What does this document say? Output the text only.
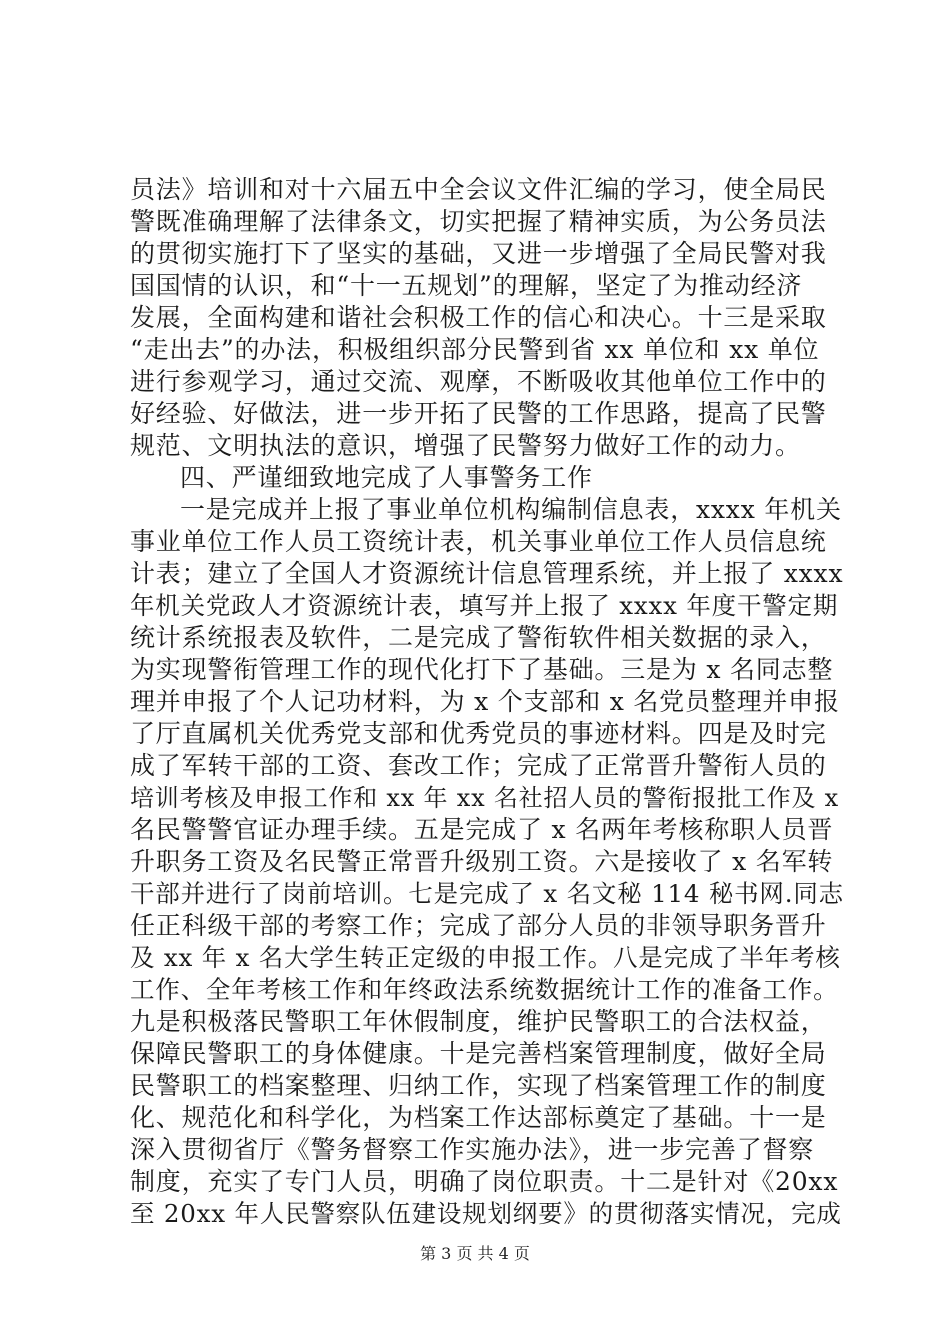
员法》培训和对十六届五中全会议文件汇编的学习，使全局民
警既准确理解了法律条文，切实把握了精神实质，为公务员法
的贯彻实施打下了坚实的基础，又进一步增强了全局民警对我
国国情的认识，和“十一五规划”的理解，坚定了为推动经济
发展，全面构建和谐社会积极工作的信心和决心。十三是采取
“走出去”的办法，积极组织部分民警到省 xx 单位和 xx 单位
进行参观学习，通过交流、观摩，不断吸收其他单位工作中的
好经验、好做法，进一步开拓了民警的工作思路，提高了民警
规范、文明执法的意识，增强了民警努力做好工作的动力。
四、严谨细致地完成了人事警务工作
一是完成并上报了事业单位机构编制信息表，xxxx 年机关
事业单位工作人员工资统计表，机关事业单位工作人员信息统
计表；建立了全国人才资源统计信息管理系统，并上报了 xxxx
年机关党政人才资源统计表，填写并上报了 xxxx 年度干警定期
统计系统报表及软件，二是完成了警衔软件相关数据的录入，
为实现警衔管理工作的现代化打下了基础。三是为 x 名同志整
理并申报了个人记功材料，为 x 个支部和 x 名党员整理并申报
了厅直属机关优秀党支部和优秀党员的事迹材料。四是及时完
成了军转干部的工资、套改工作；完成了正常晋升警衔人员的
培训考核及申报工作和 xx 年 xx 名社招人员的警衔报批工作及 x
名民警警官证办理手续。五是完成了 x 名两年考核称职人员晋
升职务工资及名民警正常晋升级别工资。六是接收了 x 名军转
干部并进行了岗前培训。七是完成了 x 名文秘 114 秘书网.同志
任正科级干部的考察工作；完成了部分人员的非领导职务晋升
及 xx 年 x 名大学生转正定级的申报工作。八是完成了半年考核
工作、全年考核工作和年终政法系统数据统计工作的准备工作。
九是积极落民警职工年休假制度，维护民警职工的合法权益，
保障民警职工的身体健康。十是完善档案管理制度，做好全局
民警职工的档案整理、归纳工作，实现了档案管理工作的制度
化、规范化和科学化，为档案工作达部标奠定了基础。十一是
深入贯彻省厅《警务督察工作实施办法》，进一步完善了督察
制度，充实了专门人员，明确了岗位职责。十二是针对《20xx
至 20xx 年人民警察队伍建设规划纲要》的贯彻落实情况，完成
第 3 页 共 4 页
